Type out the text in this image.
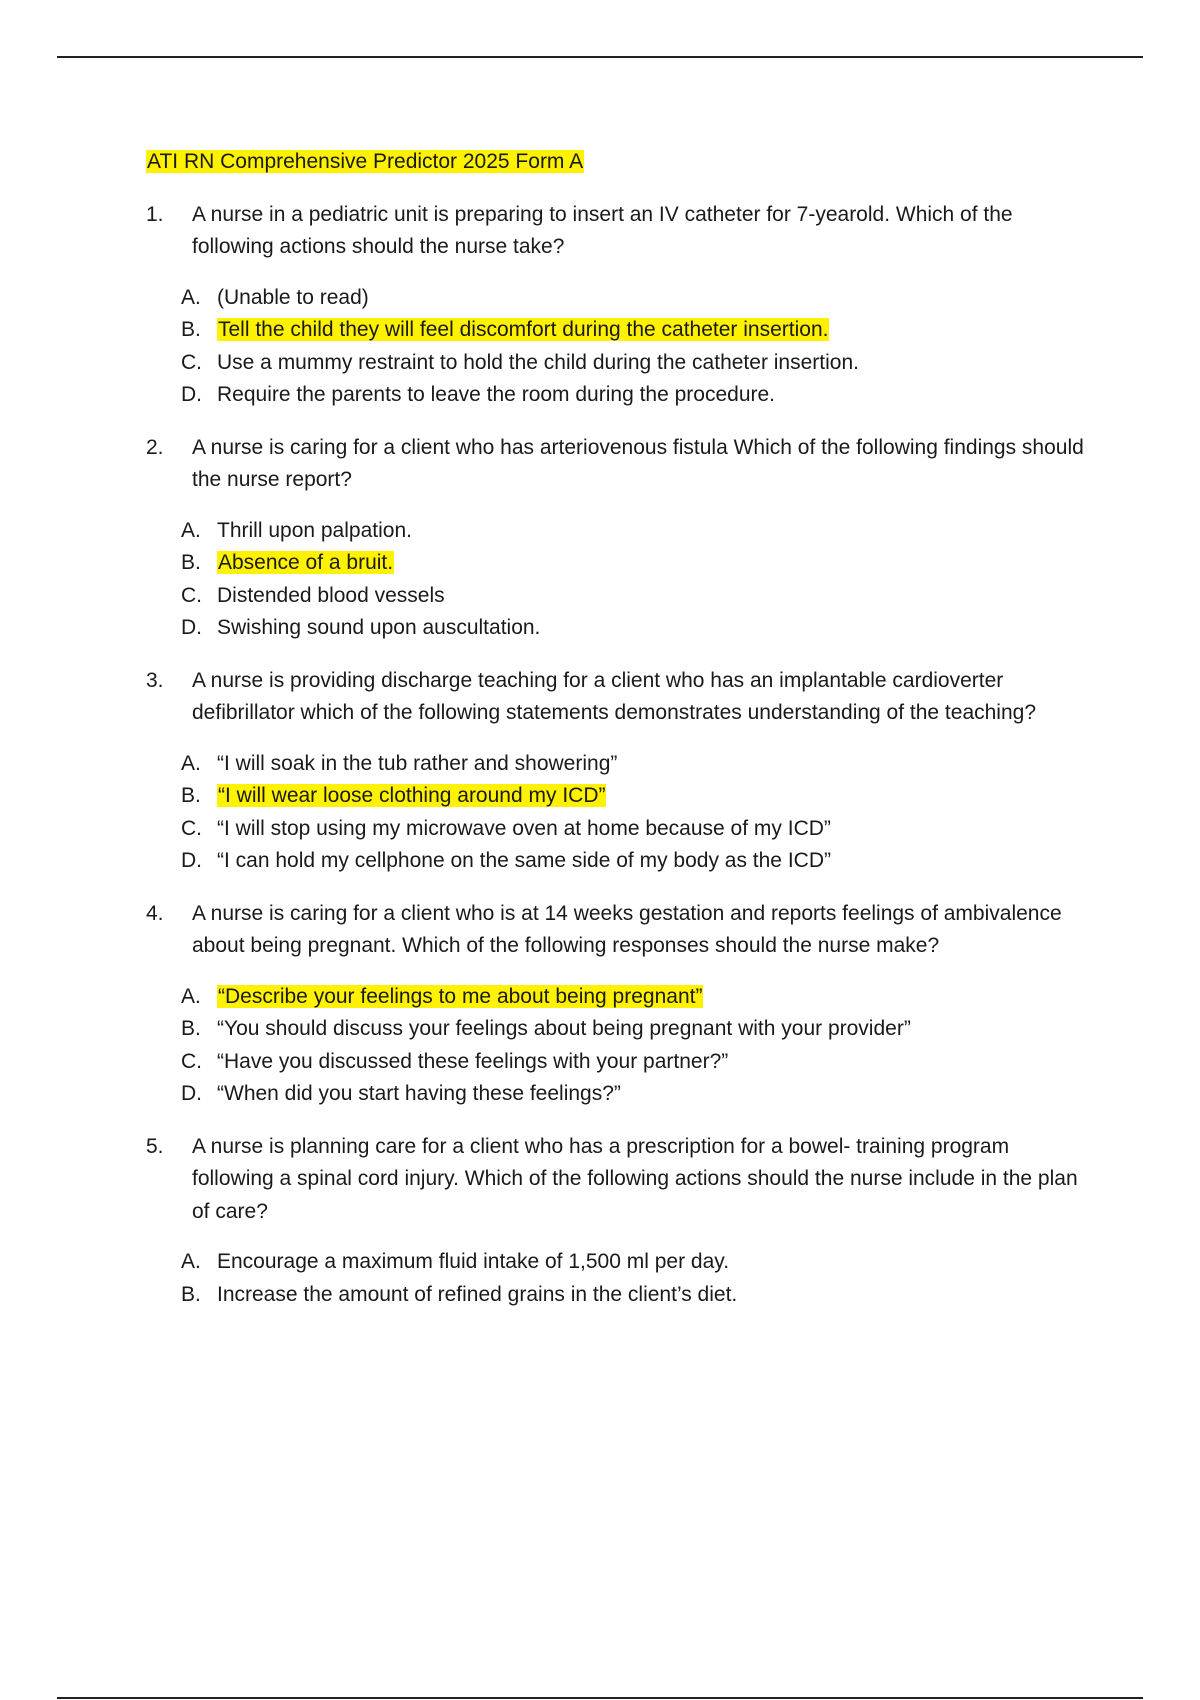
ATI RN Comprehensive Predictor 2025 Form A
1. A nurse in a pediatric unit is preparing to insert an IV catheter for 7-yearold. Which of the following actions should the nurse take?
A. (Unable to read)
B. Tell the child they will feel discomfort during the catheter insertion.
C. Use a mummy restraint to hold the child during the catheter insertion.
D. Require the parents to leave the room during the procedure.
2. A nurse is caring for a client who has arteriovenous fistula Which of the following findings should the nurse report?
A. Thrill upon palpation.
B. Absence of a bruit.
C. Distended blood vessels
D. Swishing sound upon auscultation.
3. A nurse is providing discharge teaching for a client who has an implantable cardioverter defibrillator which of the following statements demonstrates understanding of the teaching?
A. “I will soak in the tub rather and showering”
B. “I will wear loose clothing around my ICD”
C. “I will stop using my microwave oven at home because of my ICD”
D. “I can hold my cellphone on the same side of my body as the ICD”
4. A nurse is caring for a client who is at 14 weeks gestation and reports feelings of ambivalence about being pregnant. Which of the following responses should the nurse make?
A. “Describe your feelings to me about being pregnant”
B. “You should discuss your feelings about being pregnant with your provider”
C. “Have you discussed these feelings with your partner?”
D. “When did you start having these feelings?”
5. A nurse is planning care for a client who has a prescription for a bowel- training program following a spinal cord injury. Which of the following actions should the nurse include in the plan of care?
A. Encourage a maximum fluid intake of 1,500 ml per day.
B. Increase the amount of refined grains in the client’s diet.
